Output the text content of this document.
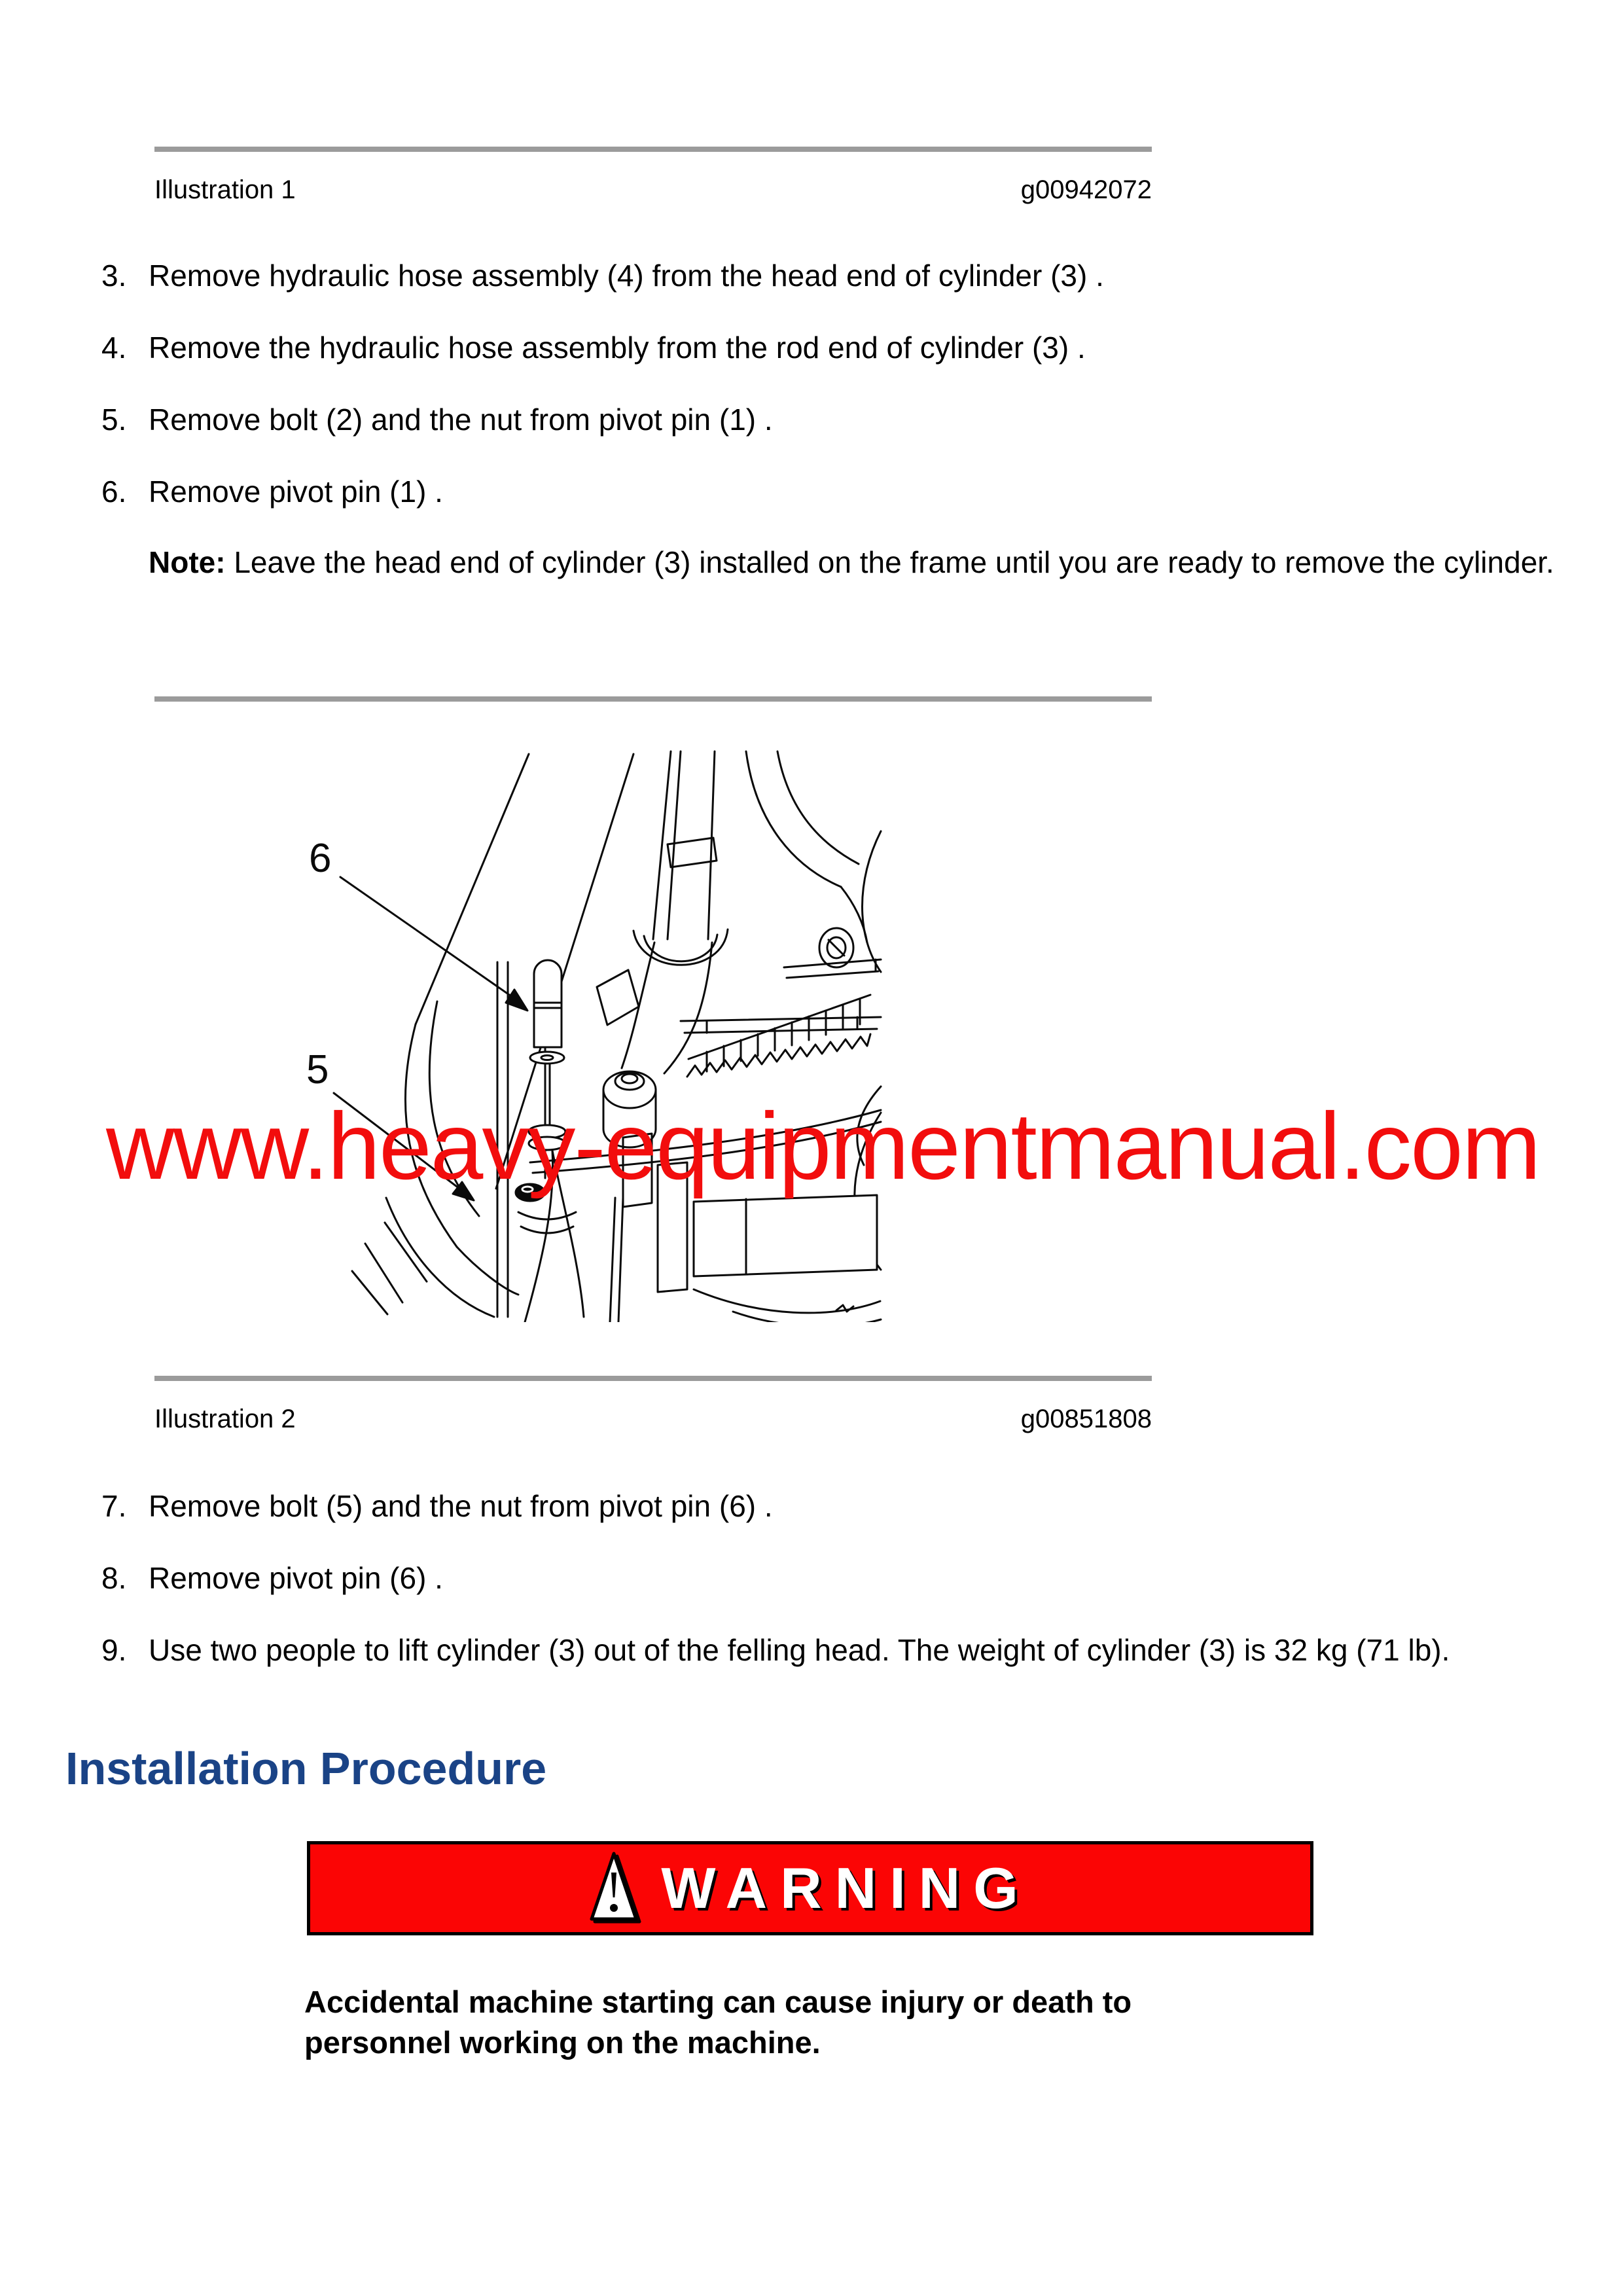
Illustration 1	g00942072
3. Remove hydraulic hose assembly (4) from the head end of cylinder (3) .
4. Remove the hydraulic hose assembly from the rod end of cylinder (3) .
5. Remove bolt (2) and the nut from pivot pin (1) .
6. Remove pivot pin (1) .
Note: Leave the head end of cylinder (3) installed on the frame until you are ready to remove the cylinder.
6
5
www.heavy-equipmentmanual.com
Illustration 2	g00851808
7. Remove bolt (5) and the nut from pivot pin (6) .
8. Remove pivot pin (6) .
9. Use two people to lift cylinder (3) out of the felling head. The weight of cylinder (3) is 32 kg (71 lb).
Installation Procedure
WARNING
Accidental machine starting can cause injury or death to personnel working on the machine.
